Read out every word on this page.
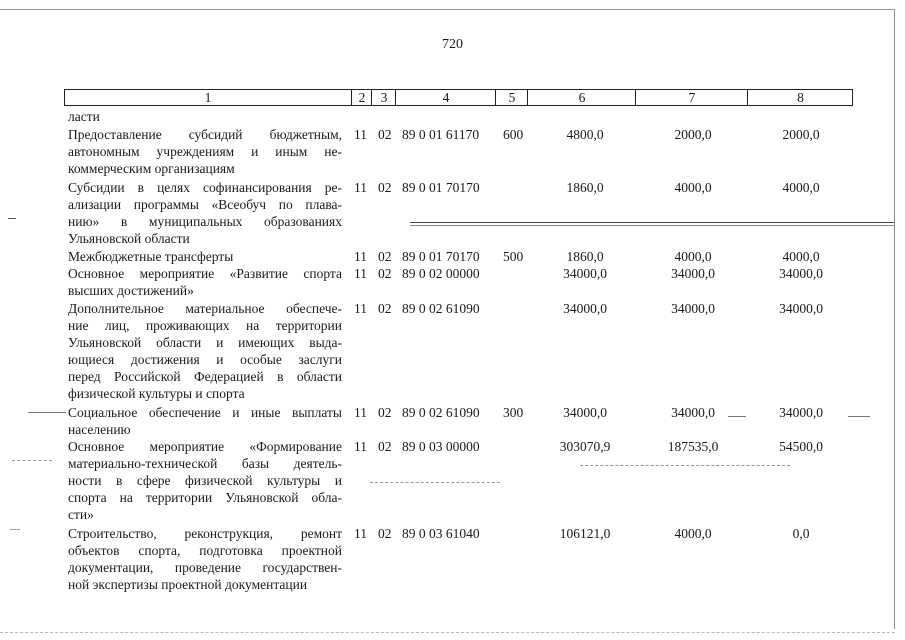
720
1	2	3	4	5	6	7	8
ласти
Предоставление субсидий бюджетным,
автономным учреждениям и иным не-
коммерческим организациям
11 02 89 0 01 61170 600	4800,0	2000,0	2000,0
Субсидии в целях софинансирования ре-
ализации программы «Всеобуч по плава-
нию» в муниципальных образованиях
Ульяновской области
11 02 89 0 01 70170	1860,0	4000,0	4000,0
Межбюджетные трансферты	11 02 89 0 01 70170 500	1860,0	4000,0	4000,0
Основное мероприятие «Развитие спорта
высших достижений»
11 02 89 0 02 00000	34000,0	34000,0	34000,0
Дополнительное материальное обеспече-
ние лиц, проживающих на территории
Ульяновской области и имеющих выда-
ющиеся достижения и особые заслуги
перед Российской Федерацией в области
физической культуры и спорта
11 02 89 0 02 61090	34000,0	34000,0	34000,0
Социальное обеспечение и иные выплаты
населению
11 02 89 0 02 61090 300	34000,0	34000,0	34000,0
Основное мероприятие «Формирование
материально-технической базы деятель-
ности в сфере физической культуры и
спорта на территории Ульяновской обла-
сти»
11 02 89 0 03 00000	303070,9	187535,0	54500,0
Строительство, реконструкция, ремонт
объектов спорта, подготовка проектной
документации, проведение государствен-
ной экспертизы проектной документации
11 02 89 0 03 61040	106121,0	4000,0	0,0
